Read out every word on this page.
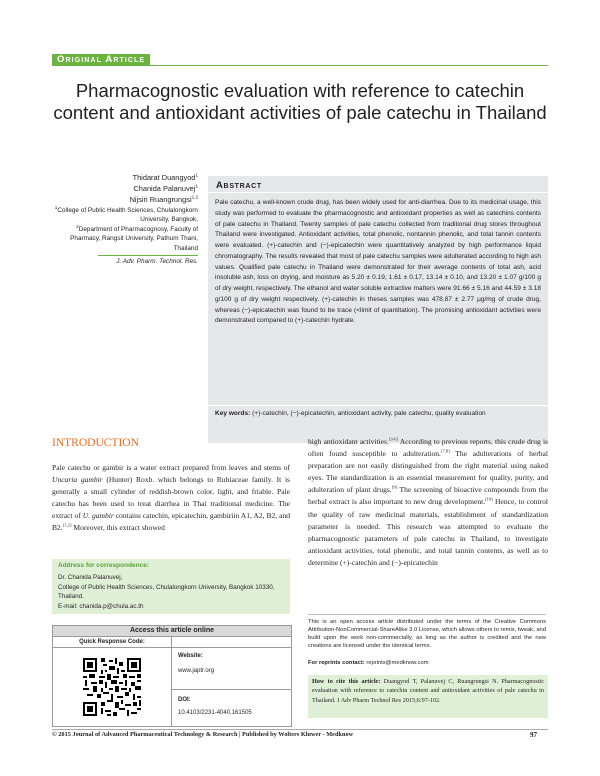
Original Article
Pharmacognostic evaluation with reference to catechin content and antioxidant activities of pale catechu in Thailand
Thidarat Duangyod$^1$
Chanida Palanuvej$^1$
Nijsiri Ruangrungsi$^{1,2}$
$^1$College of Public Health Sciences, Chulalongkorn University, Bangkok,
$^2$Department of Pharmacognosy, Faculty of Pharmacy, Rangsit University, Pathum Thani, Thailand
J. Adv. Pharm. Technol. Res.
Abstract
Pale catechu, a well-known crude drug, has been widely used for anti-diarrhea. Due to its medicinal usage, this study was performed to evaluate the pharmacognostic and antioxidant properties as well as catechins contents of pale catechu in Thailand. Twenty samples of pale catechu collected from traditional drug stores throughout Thailand were investigated. Antioxidant activities, total phenolic, nontannin phenolic, and total tannin contents were evaluated. (+)-catechin and (−)-epicatechin were quantitatively analyzed by high performance liquid chromatography. The results revealed that most of pale catechu samples were adulterated according to high ash values. Qualified pale catechu in Thailand were demonstrated for their average contents of total ash, acid insoluble ash, loss on drying, and moisture as 5.20 ± 0.19, 1.61 ± 0.17, 13.14 ± 0.10, and 13.20 ± 1.07 g/100 g of dry weight, respectively. The ethanol and water soluble extractive matters were 91.66 ± 5.16 and 44.59 ± 3.18 g/100 g of dry weight respectively. (+)-catechin in theses samples was 478.87 ± 2.77 μg/mg of crude drug, whereas (−)-epicatechin was found to be trace (<limit of quantitation). The promising antioxidant activities were demonstrated compared to (+)-catechin hydrate.
Key words: (+)-catechin, (−)-epicatechin, antioxidant activity, pale catechu, quality evaluation
INTRODUCTION
Pale catechu or gambir is a water extract prepared from leaves and stems of Uncaria gambir (Hunter) Roxb. which belongs to Rubiaceae family. It is generally a small cylinder of reddish-brown color, light, and friable. Pale catechu has been used to treat diarrhea in Thai traditional medicine. The extract of U. gambir contains catechin, epicatechin, gambiriin A1, A2, B2, and B2.[1,2] Moreover, this extract showed
high antioxidant activities.[3-6] According to previous reports, this crude drug is often found susceptible to adulteration.[7,8] The adulterations of herbal preparation are not easily distinguished from the right material using naked eyes. The standardization is an essential measurement for quality, purity, and adulteration of plant drugs.[9] The screening of bioactive compounds from the herbal extract is also important to new drug development.[10] Hence, to control the quality of raw medicinal materials, establishment of standardization parameter is needed. This research was attempted to evaluate the pharmacognostic parameters of pale catechu in Thailand, to investigate antioxidant activities, total phenolic, and total tannin contents, as well as to determine (+)-catechin and (−)-epicatechin
Address for correspondence:
Dr. Chanida Palanuvej,
College of Public Health Sciences, Chulalongkorn University, Bangkok 10330, Thailand.
E-mail: chanida.p@chula.ac.th
Access this article online
Quick Response Code:
Website:
www.japtr.org
DOI:
10.4103/2231-4040.161505
This is an open access article distributed under the terms of the Creative Commons Attribution-NonCommercial-ShareAlike 3.0 License, which allows others to remix, tweak, and build upon the work non-commercially, as long as the author is credited and the new creations are licensed under the identical terms.
For reprints contact: reprints@medknow.com
How to cite this article: Duangyod T, Palanuvej C, Ruangrungsi N. Pharmacognostic evaluation with reference to catechin content and antioxidant activities of pale catechu in Thailand. J Adv Pharm Technol Res 2015;6:97-102.
© 2015 Journal of Advanced Pharmaceutical Technology & Research | Published by Wolters Kluwer - Medknow	97
